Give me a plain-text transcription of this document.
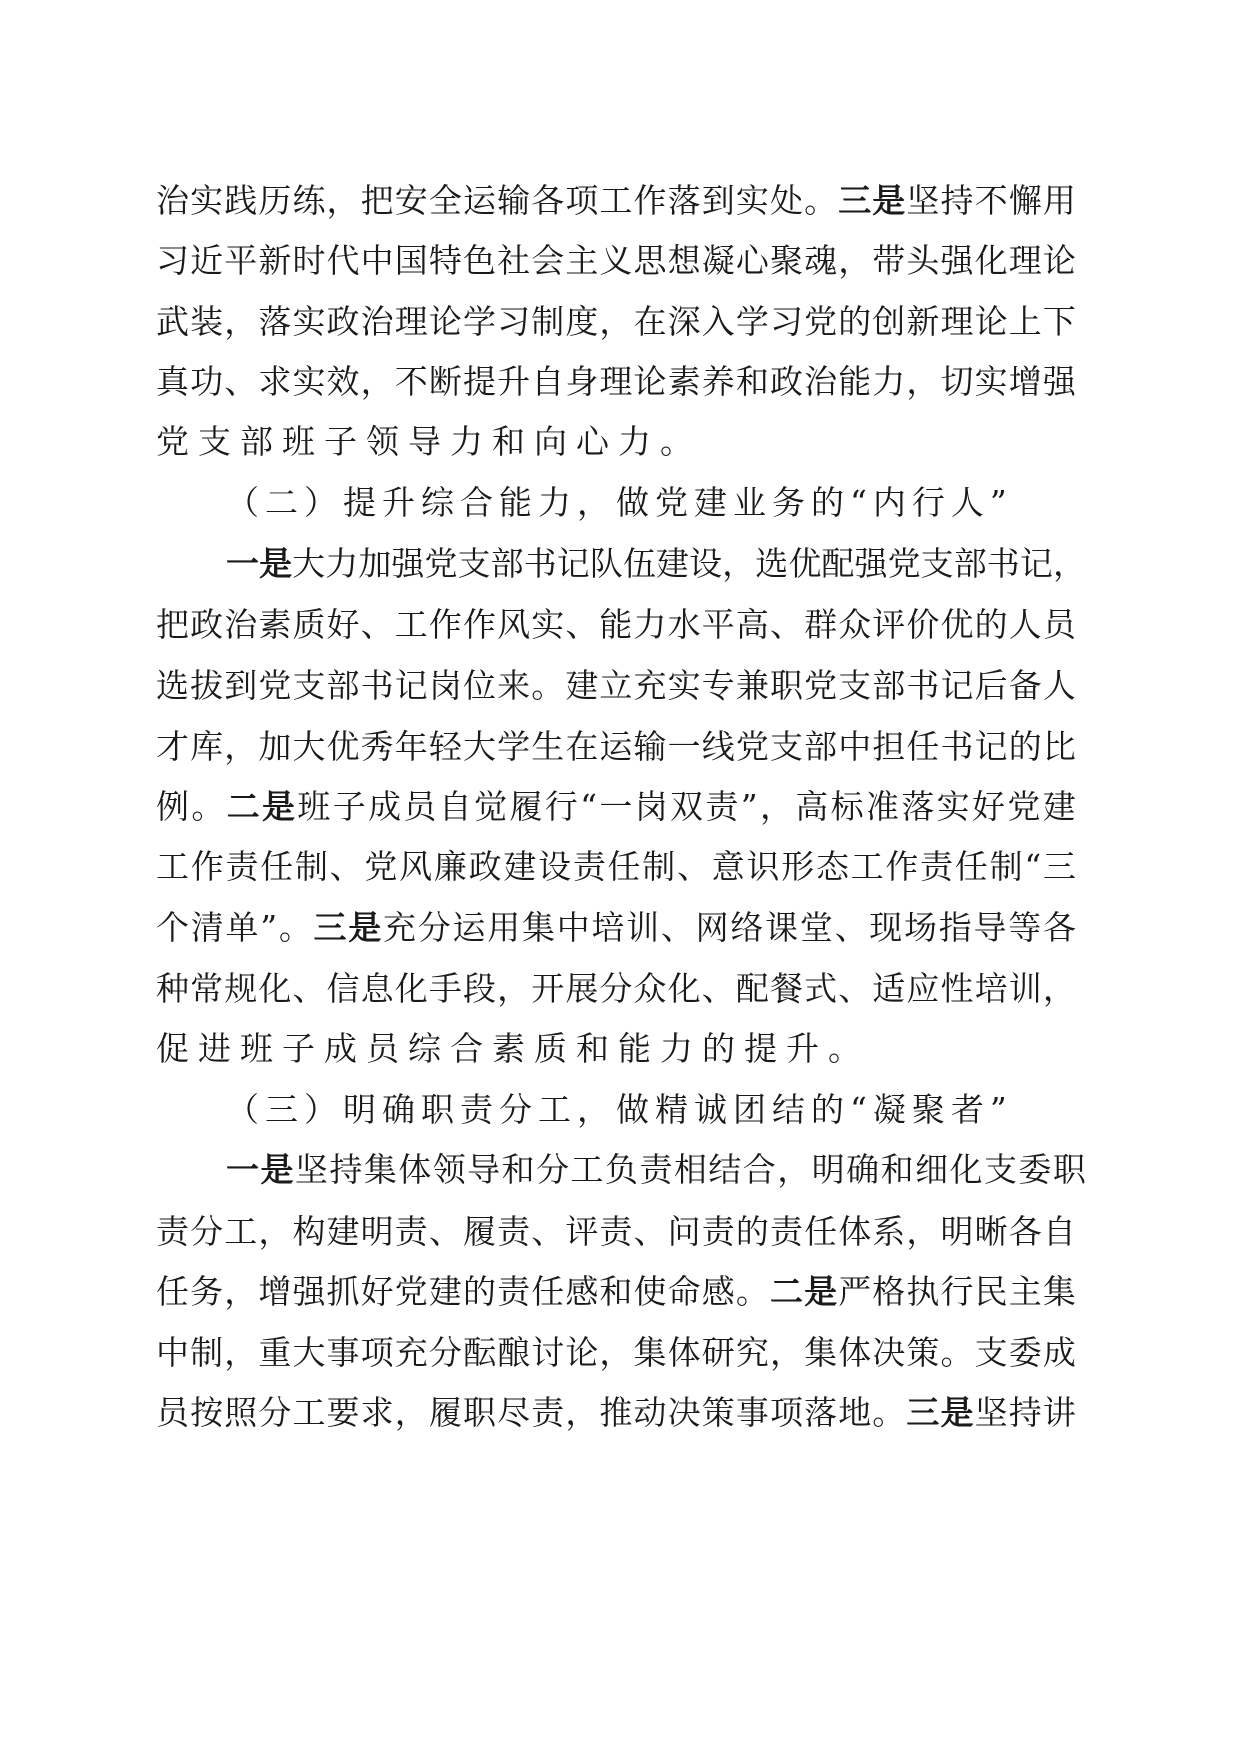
治 实 践 历 练 ， 把 安 全 运 输 各 项 工 作 落 到 实 处 。 三 是 坚 持 不 懈 用
习 近 平 新 时 代 中 国 特 色 社 会 主 义 思 想 凝 心 聚 魂 ， 带 头 强 化 理 论
武 装 ， 落 实 政 治 理 论 学 习 制 度 ， 在 深 入 学 习 党 的 创 新 理 论 上 下
真 功 、 求 实 效 ， 不 断 提 升 自 身 理 论 素 养 和 政 治 能 力 ， 切 实 增 强
党支部班子领导力和向心力。
（二）提升综合能力，做党建业务的“内行人”
一 是 大 力 加 强 党 支 部 书 记 队 伍 建 设 ， 选 优 配 强 党 支 部 书 记 ，
把 政 治 素 质 好 、 工 作 作 风 实 、 能 力 水 平 高 、 群 众 评 价 优 的 人 员
选 拔 到 党 支 部 书 记 岗 位 来 。 建 立 充 实 专 兼 职 党 支 部 书 记 后 备 人
才 库 ， 加 大 优 秀 年 轻 大 学 生 在 运 输 一 线 党 支 部 中 担 任 书 记 的 比
例 。 二 是 班 子 成 员 自 觉 履 行 “ 一 岗 双 责 ” ， 高 标 准 落 实 好 党 建
工 作 责 任 制 、 党 风 廉 政 建 设 责 任 制 、 意 识 形 态 工 作 责 任 制 “ 三
个 清 单 ” 。 三 是 充 分 运 用 集 中 培 训 、 网 络 课 堂 、 现 场 指 导 等 各
种 常 规 化 、 信 息 化 手 段 ， 开 展 分 众 化 、 配 餐 式 、 适 应 性 培 训 ，
促进班子成员综合素质和能力的提升。
（三）明确职责分工，做精诚团结的“凝聚者”
一 是 坚 持 集 体 领 导 和 分 工 负 责 相 结 合 ， 明 确 和 细 化 支 委 职
责 分 工 ， 构 建 明 责 、 履 责 、 评 责 、 问 责 的 责 任 体 系 ， 明 晰 各 自
任 务 ， 增 强 抓 好 党 建 的 责 任 感 和 使 命 感 。 二 是 严 格 执 行 民 主 集
中 制 ， 重 大 事 项 充 分 酝 酿 讨 论 ， 集 体 研 究 ， 集 体 决 策 。 支 委 成
员 按 照 分 工 要 求 ， 履 职 尽 责 ， 推 动 决 策 事 项 落 地 。 三 是 坚 持 讲
